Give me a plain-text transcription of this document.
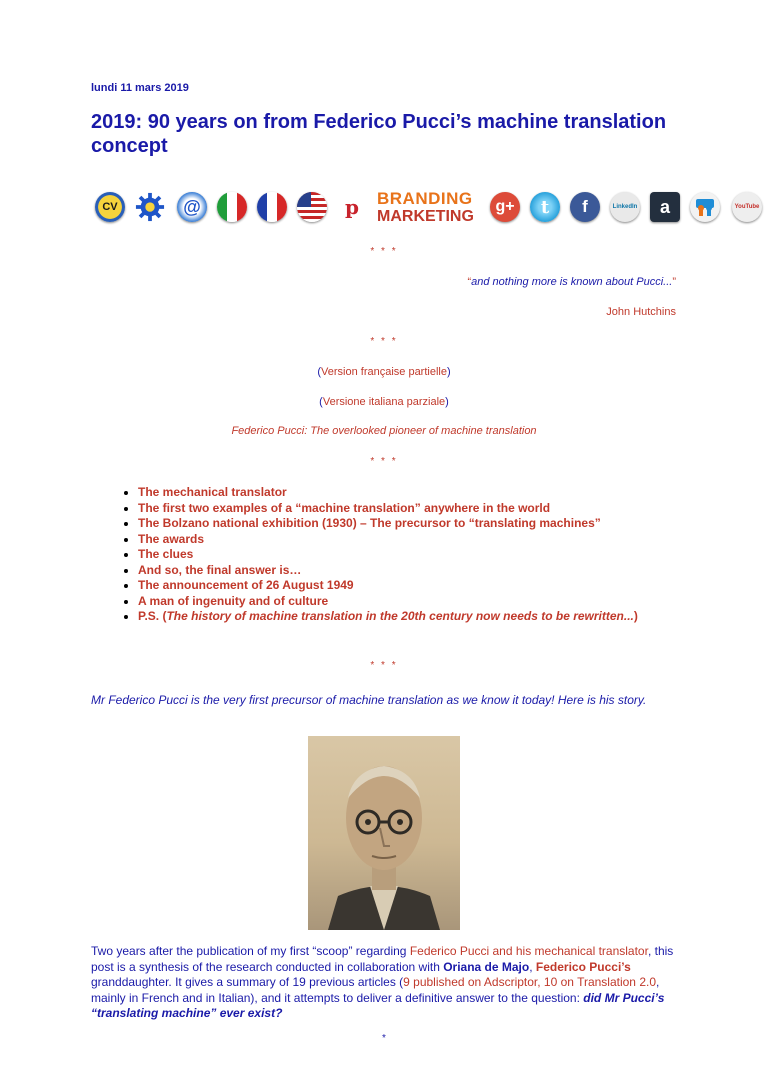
lundi 11 mars 2019
2019: 90 years on from Federico Pucci’s machine translation concept
CV	@	p	BRANDING
MARKETING
g+	t	f	LinkedIn	a	YouTube
* * *
“and nothing more is known about Pucci...”
John Hutchins
* * *
(Version française partielle)
(Versione italiana parziale)
Federico Pucci: The overlooked pioneer of machine translation
* * *
• The mechanical translator
• The first two examples of a “machine translation” anywhere in the world
• The Bolzano national exhibition (1930) – The precursor to “translating machines”
• The awards
• The clues
• And so, the final answer is…
• The announcement of 26 August 1949
• A man of ingenuity and of culture
• P.S. (The history of machine translation in the 20th century now needs to be rewritten...)
* * *
Mr Federico Pucci is the very first precursor of machine translation as we know it today! Here is his story.
Two years after the publication of my first “scoop” regarding Federico Pucci and his mechanical translator, this post is a synthesis of the research conducted in collaboration with Oriana de Majo, Federico Pucci’s granddaughter. It gives a summary of 19 previous articles (9 published on Adscriptor, 10 on Translation 2.0, mainly in French and in Italian), and it attempts to deliver a definitive answer to the question: did Mr Pucci’s “translating machine” ever exist?
*
